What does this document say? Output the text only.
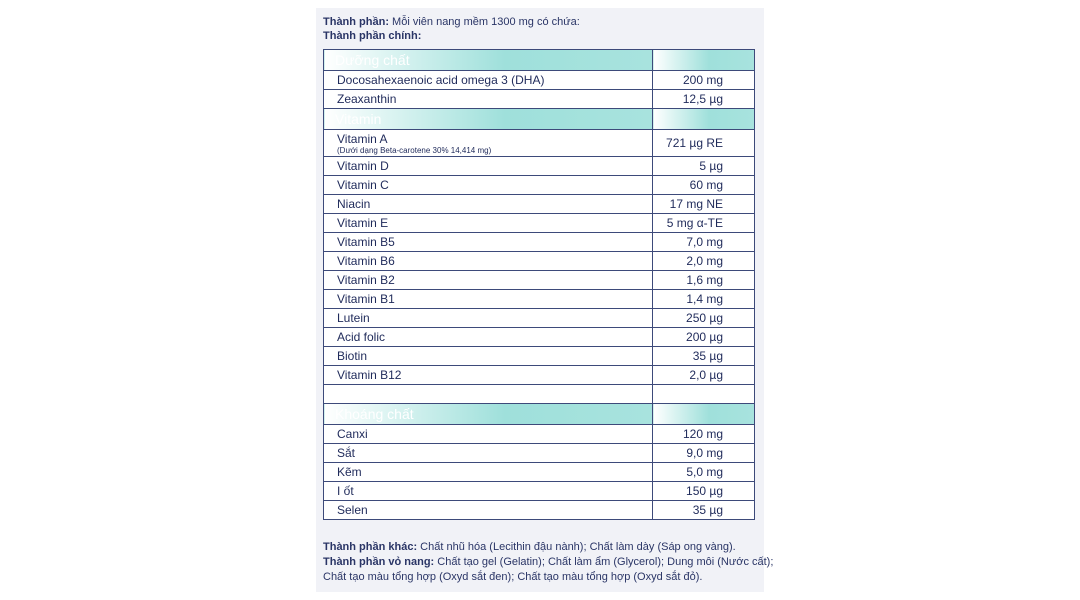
Thành phần: Mỗi viên nang mềm 1300 mg có chứa:
Thành phần chính:
Dưỡng chất	
Docosahexaenoic acid omega 3 (DHA)	200 mg
Zeaxanthin	12,5 µg
Vitamin	
Vitamin A
(Dưới dạng Beta-carotene 30% 14,414 mg)	721 µg RE
Vitamin D	5 µg
Vitamin C	60 mg
Niacin	17 mg NE
Vitamin E	5 mg α-TE
Vitamin B5	7,0 mg
Vitamin B6	2,0 mg
Vitamin B2	1,6 mg
Vitamin B1	1,4 mg
Lutein	250 µg
Acid folic	200 µg
Biotin	35 µg
Vitamin B12	2,0 µg

Khoáng chất	
Canxi	120 mg
Sắt	9,0 mg
Kẽm	5,0 mg
I ốt	150 µg
Selen	35 µg
Thành phần khác: Chất nhũ hóa (Lecithin đậu nành); Chất làm dày (Sáp ong vàng).
Thành phần vỏ nang: Chất tạo gel (Gelatin); Chất làm ẩm (Glycerol); Dung môi (Nước cất);
Chất tạo màu tổng hợp (Oxyd sắt đen); Chất tạo màu tổng hợp (Oxyd sắt đỏ).
